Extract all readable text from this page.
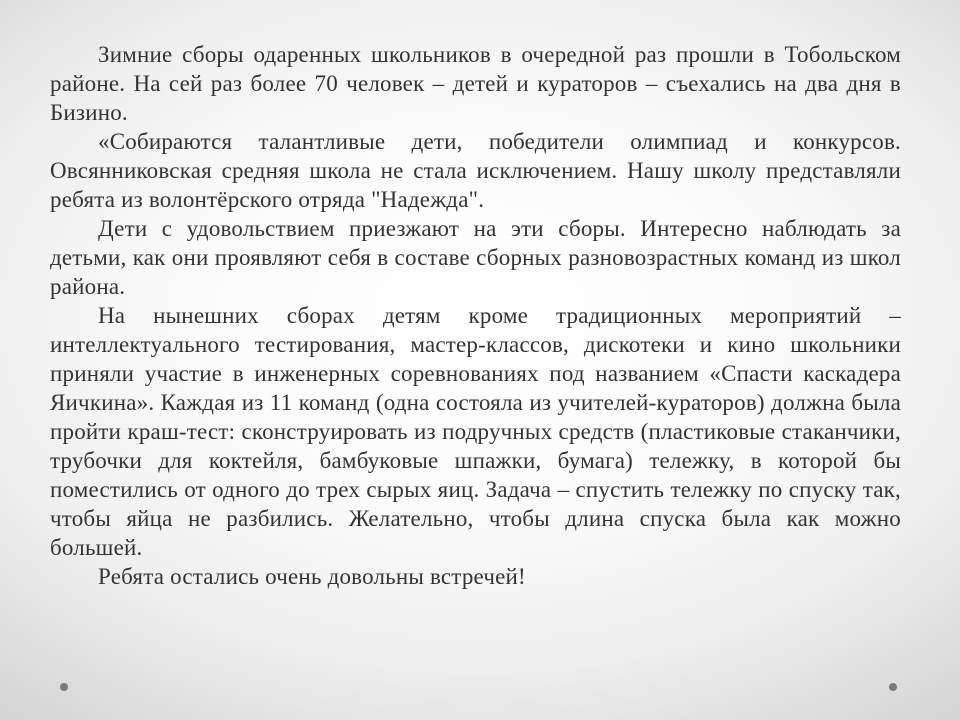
Зимние сборы одаренных школьников в очередной раз прошли в Тобольском районе. На сей раз более 70 человек – детей и кураторов – съехались на два дня в Бизино.

«Собираются талантливые дети, победители олимпиад и конкурсов. Овсянниковская средняя школа не стала исключением. Нашу школу представляли ребята из волонтёрского отряда "Надежда".

Дети с удовольствием приезжают на эти сборы. Интересно наблюдать за детьми, как они проявляют себя в составе сборных разновозрастных команд из школ района.

На нынешних сборах детям кроме традиционных мероприятий – интеллектуального тестирования, мастер-классов, дискотеки и кино школьники приняли участие в инженерных соревнованиях под названием «Спасти каскадера Яичкина». Каждая из 11 команд (одна состояла из учителей-кураторов) должна была пройти краш-тест: сконструировать из подручных средств (пластиковые стаканчики, трубочки для коктейля, бамбуковые шпажки, бумага) тележку, в которой бы поместились от одного до трех сырых яиц. Задача – спустить тележку по спуску так, чтобы яйца не разбились. Желательно, чтобы длина спуска была как можно большей.

Ребята остались очень довольны встречей!
